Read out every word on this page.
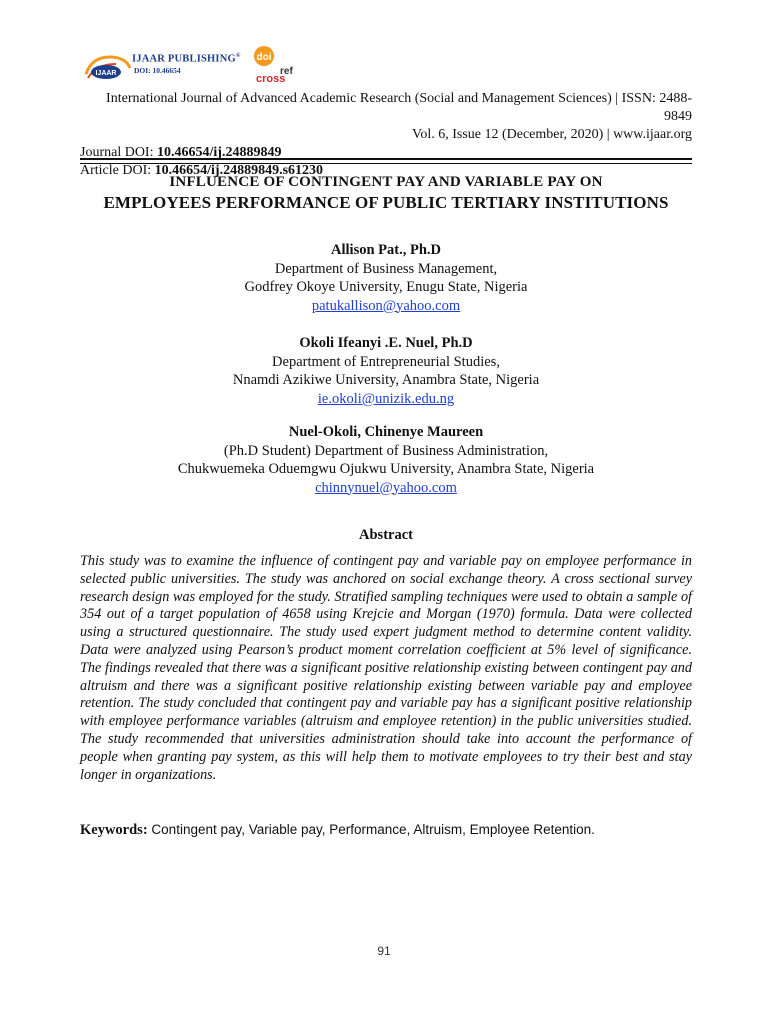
IJAAR
IJAAR PUBLISHING®
DOI: 10.46654
doi
cross
ref
International Journal of Advanced Academic Research (Social and Management Sciences) | ISSN: 2488-9849
Vol. 6, Issue 12 (December, 2020) | www.ijaar.org
Journal DOI: 10.46654/ij.24889849
Article DOI: 10.46654/ij.24889849.s61230
INFLUENCE OF CONTINGENT PAY AND VARIABLE PAY ON
EMPLOYEES PERFORMANCE OF PUBLIC TERTIARY INSTITUTIONS
Allison Pat., Ph.D
Department of Business Management,
Godfrey Okoye University, Enugu State, Nigeria
patukallison@yahoo.com
Okoli Ifeanyi .E. Nuel, Ph.D
Department of Entrepreneurial Studies,
Nnamdi Azikiwe University, Anambra State, Nigeria
ie.okoli@unizik.edu.ng
Nuel-Okoli, Chinenye Maureen
(Ph.D Student) Department of Business Administration,
Chukwuemeka Oduemgwu Ojukwu University, Anambra State, Nigeria
chinnynuel@yahoo.com
Abstract
This study was to examine the influence of contingent pay and variable pay on employee performance in selected public universities. The study was anchored on social exchange theory. A cross sectional survey research design was employed for the study. Stratified sampling techniques were used to obtain a sample of 354 out of a target population of 4658 using Krejcie and Morgan (1970) formula. Data were collected using a structured questionnaire. The study used expert judgment method to determine content validity. Data were analyzed using Pearson’s product moment correlation coefficient at 5% level of significance. The findings revealed that there was a significant positive relationship existing between contingent pay and altruism and there was a significant positive relationship existing between variable pay and employee retention. The study concluded that contingent pay and variable pay has a significant positive relationship with employee performance variables (altruism and employee retention) in the public universities studied. The study recommended that universities administration should take into account the performance of people when granting pay system, as this will help them to motivate employees to try their best and stay longer in organizations.
Keywords: Contingent pay, Variable pay, Performance, Altruism, Employee Retention.
91
